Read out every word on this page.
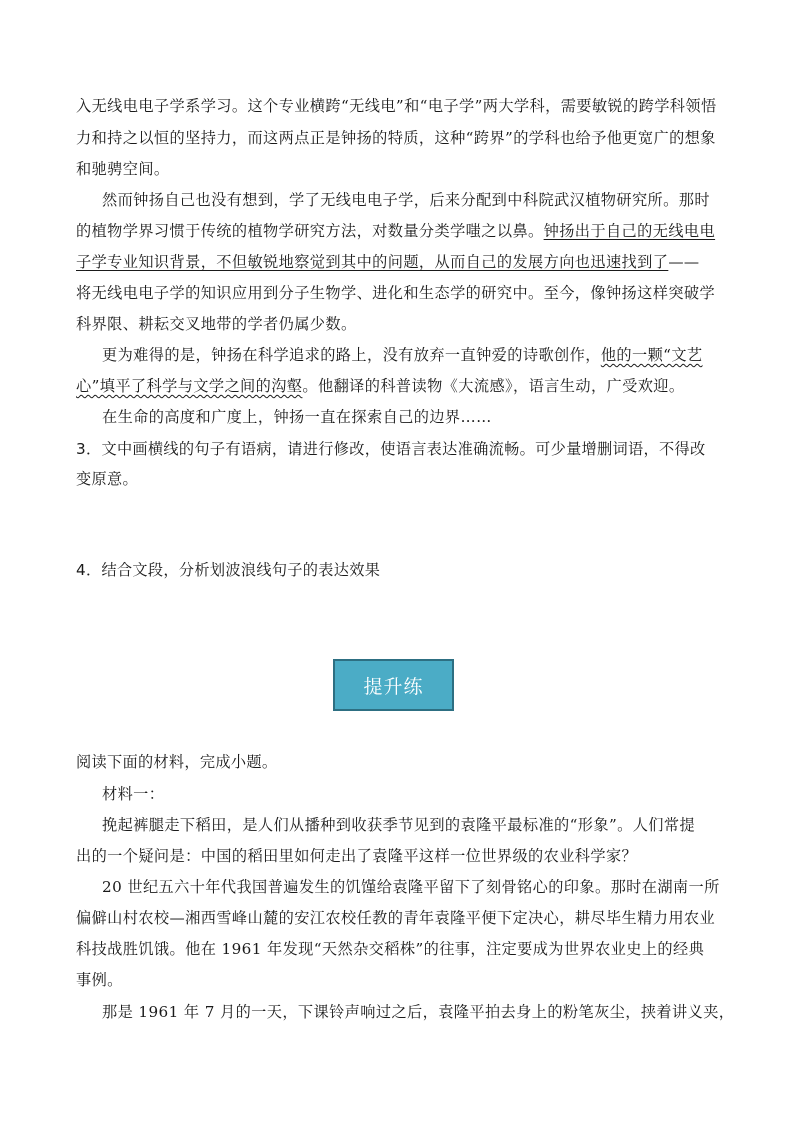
入无线电电子学系学习。这个专业横跨“无线电”和“电子学”两大学科，需要敏锐的跨学科领悟
力和持之以恒的坚持力，而这两点正是钟扬的特质，这种“跨界”的学科也给予他更宽广的想象
和驰骋空间。
然而钟扬自己也没有想到，学了无线电电子学，后来分配到中科院武汉植物研究所。那时
的植物学界习惯于传统的植物学研究方法，对数量分类学嗤之以鼻。钟扬出于自己的无线电电
子学专业知识背景，不但敏锐地察觉到其中的问题，从而自己的发展方向也迅速找到了——
将无线电电子学的知识应用到分子生物学、进化和生态学的研究中。至今，像钟扬这样突破学
科界限、耕耘交叉地带的学者仍属少数。
更为难得的是，钟扬在科学追求的路上，没有放弃一直钟爱的诗歌创作，他的一颗“文艺
心”填平了科学与文学之间的沟壑。他翻译的科普读物《大流感》，语言生动，广受欢迎。
在生命的高度和广度上，钟扬一直在探索自己的边界……
3．文中画横线的句子有语病，请进行修改，使语言表达准确流畅。可少量增删词语，不得改
变原意。
4．结合文段，分析划波浪线句子的表达效果
提升练
阅读下面的材料，完成小题。
材料一：
挽起裤腿走下稻田，是人们从播种到收获季节见到的袁隆平最标准的“形象”。人们常提
出的一个疑问是：中国的稻田里如何走出了袁隆平这样一位世界级的农业科学家？
20 世纪五六十年代我国普遍发生的饥馑给袁隆平留下了刻骨铭心的印象。那时在湖南一所
偏僻山村农校—湘西雪峰山麓的安江农校任教的青年袁隆平便下定决心，耕尽毕生精力用农业
科技战胜饥饿。他在 1961 年发现“天然杂交稻株”的往事，注定要成为世界农业史上的经典
事例。
那是 1961 年 7 月的一天，下课铃声响过之后，袁隆平拍去身上的粉笔灰尘，挟着讲义夹，
